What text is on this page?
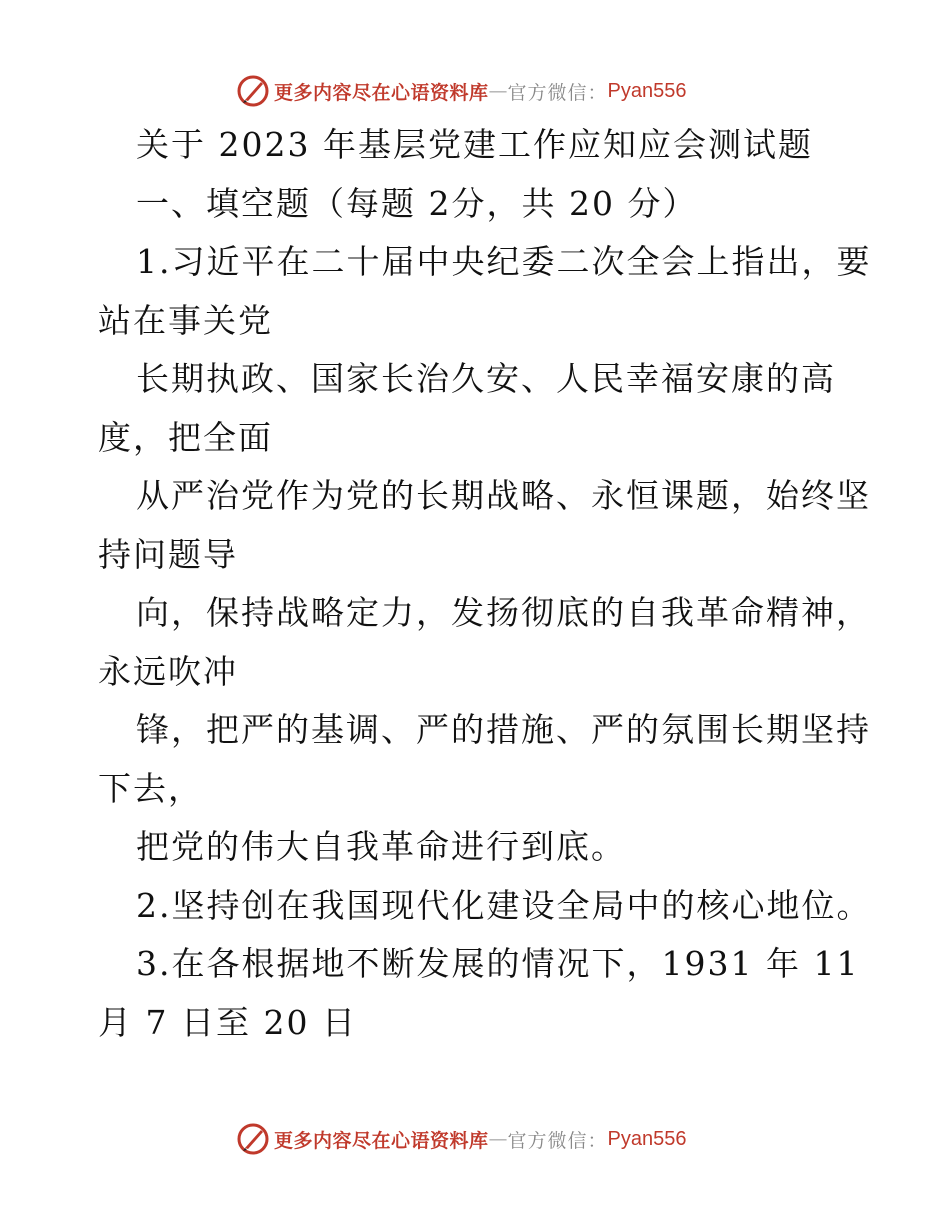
更多内容尽在心语资料库 — 官方微信： Pyan556
关于 2023 年基层党建工作应知应会测试题
一、填空题（每题 2分，共 20 分）
1.习近平在二十届中央纪委二次全会上指出，要
站在事关党
长期执政、国家长治久安、人民幸福安康的高
度，把全面
从严治党作为党的长期战略、永恒课题，始终坚
持问题导
向，保持战略定力，发扬彻底的自我革命精神，
永远吹冲
锋，把严的基调、严的措施、严的氛围长期坚持
下去，
把党的伟大自我革命进行到底。
2.坚持创在我国现代化建设全局中的核心地位。
3.在各根据地不断发展的情况下，1931 年 11
月 7 日至 20 日
更多内容尽在心语资料库 — 官方微信： Pyan556
